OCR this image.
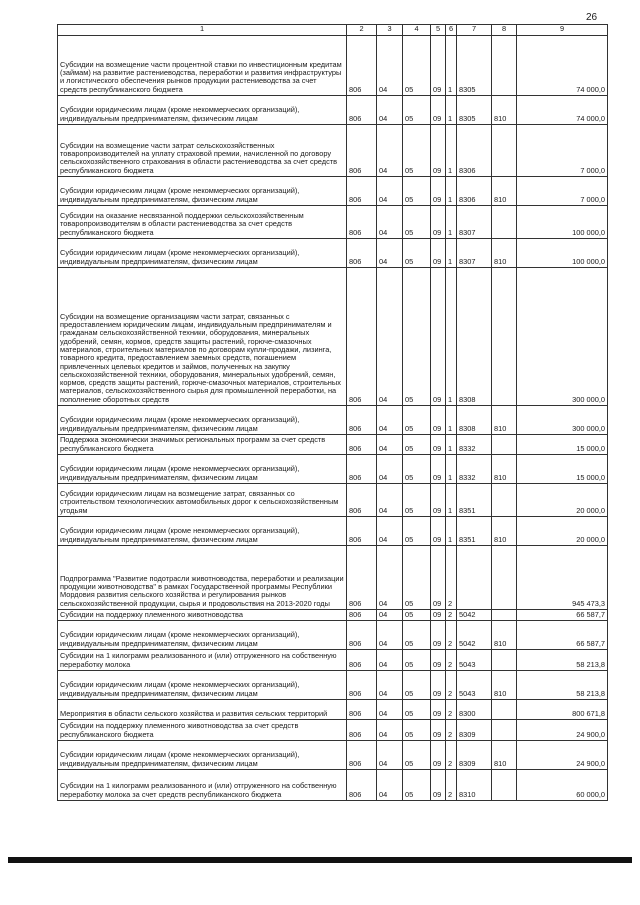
26
1	2	3	4	5	6	7	8	9
Субсидии на возмещение части процентной ставки по инвестиционным кредитам (займам) на развитие растениеводства, переработки и развития инфраструктуры и логистического обеспечения рынков продукции растениеводства за счет средств республиканского бюджета	806	04	05	09	1	8305		74 000,0
Субсидии юридическим лицам (кроме некоммерческих организаций), индивидуальным предпринимателям, физическим лицам	806	04	05	09	1	8305	810	74 000,0
Субсидии на возмещение части затрат сельскохозяйственных товаропроизводителей на уплату страховой премии, начисленной по договору сельскохозяйственного страхования в области растениеводства за счет средств республиканского бюджета	806	04	05	09	1	8306		7 000,0
Субсидии юридическим лицам (кроме некоммерческих организаций), индивидуальным предпринимателям, физическим лицам	806	04	05	09	1	8306	810	7 000,0
Субсидии на оказание несвязанной поддержки сельскохозяйственным товаропроизводителям в области растениеводства за счет средств республиканского бюджета	806	04	05	09	1	8307		100 000,0
Субсидии юридическим лицам (кроме некоммерческих организаций), индивидуальным предпринимателям, физическим лицам	806	04	05	09	1	8307	810	100 000,0
Субсидии на возмещение организациям части затрат, связанных с предоставлением юридическим лицам, индивидуальным предпринимателям и гражданам сельскохозяйственной техники, оборудования, минеральных удобрений, семян, кормов, средств защиты растений, горюче-смазочных материалов, строительных материалов по договорам купли-продажи, лизинга, товарного кредита, предоставлением заемных средств, погашением привлеченных целевых кредитов и займов, полученных на закупку сельскохозяйственной техники, оборудования, минеральных удобрений, семян, кормов, средств защиты растений, горюче-смазочных материалов, строительных материалов, сельскохозяйственного сырья для промышленной переработки, на пополнение оборотных средств	806	04	05	09	1	8308		300 000,0
Субсидии юридическим лицам (кроме некоммерческих организаций), индивидуальным предпринимателям, физическим лицам	806	04	05	09	1	8308	810	300 000,0
Поддержка экономически значимых региональных программ за счет средств республиканского бюджета	806	04	05	09	1	8332		15 000,0
Субсидии юридическим лицам (кроме некоммерческих организаций), индивидуальным предпринимателям, физическим лицам	806	04	05	09	1	8332	810	15 000,0
Субсидии юридическим лицам на возмещение затрат, связанных со строительством технологических автомобильных дорог к сельскохозяйственным угодьям	806	04	05	09	1	8351		20 000,0
Субсидии юридическим лицам (кроме некоммерческих организаций), индивидуальным предпринимателям, физическим лицам	806	04	05	09	1	8351	810	20 000,0
Подпрограмма "Развитие подотрасли животноводства, переработки и реализации продукции животноводства" в рамках Государственной программы Республики Мордовия развития сельского хозяйства и регулирования рынков сельскохозяйственной продукции, сырья и продовольствия на 2013-2020 годы	806	04	05	09	2			945 473,3
Субсидии на поддержку племенного животноводства	806	04	05	09	2	5042		66 587,7
Субсидии юридическим лицам (кроме некоммерческих организаций), индивидуальным предпринимателям, физическим лицам	806	04	05	09	2	5042	810	66 587,7
Субсидии на 1 килограмм реализованного и (или) отгруженного на собственную переработку молока	806	04	05	09	2	5043		58 213,8
Субсидии юридическим лицам (кроме некоммерческих организаций), индивидуальным предпринимателям, физическим лицам	806	04	05	09	2	5043	810	58 213,8
Мероприятия в области сельского хозяйства и развития сельских территорий	806	04	05	09	2	8300		800 671,8
Субсидии на поддержку племенного животноводства за счет средств республиканского бюджета	806	04	05	09	2	8309		24 900,0
Субсидии юридическим лицам (кроме некоммерческих организаций), индивидуальным предпринимателям, физическим лицам	806	04	05	09	2	8309	810	24 900,0
Субсидии на 1 килограмм реализованного и (или) отгруженного на собственную переработку молока за счет средств республиканского бюджета	806	04	05	09	2	8310		60 000,0
